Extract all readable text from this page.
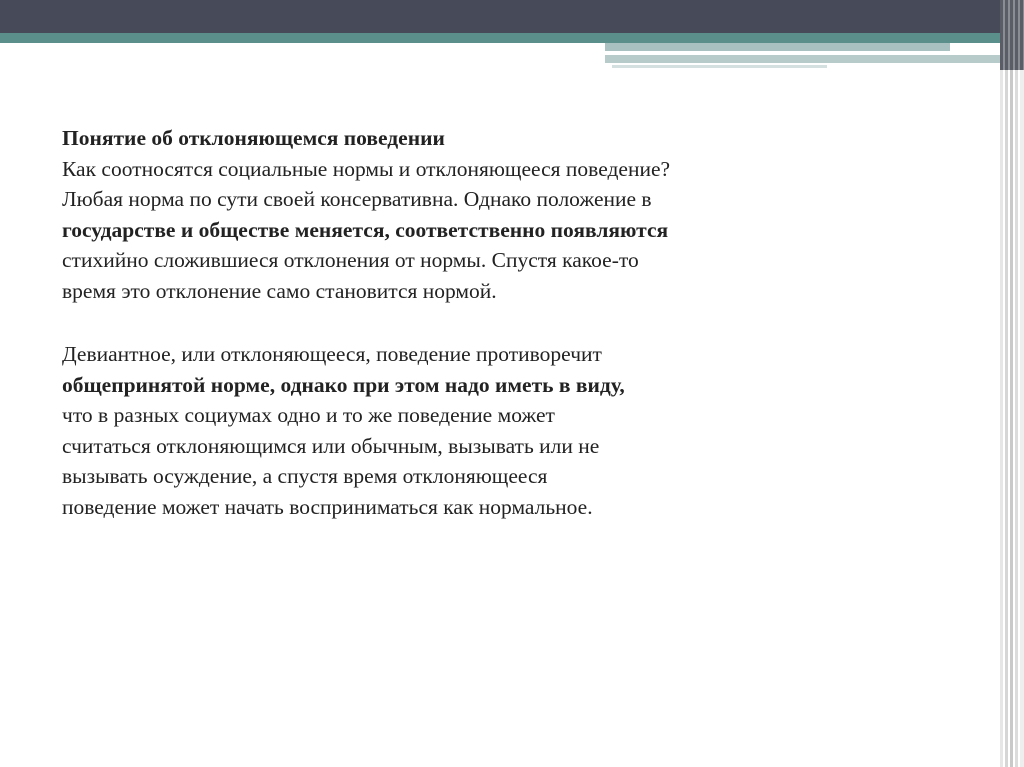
Понятие об отклоняющемся поведении
Как соотносятся социальные нормы и отклоняющееся поведение?
Любая норма по сути своей консервативна. Однако положение в
государстве и обществе меняется, соответственно появляются
стихийно сложившиеся отклонения от нормы. Спустя какое-то
время это отклонение само становится нормой.
Девиантное, или отклоняющееся, поведение противоречит
общепринятой норме, однако при этом надо иметь в виду,
что в разных социумах одно и то же поведение может
считаться отклоняющимся или обычным, вызывать или не
вызывать осуждение, а спустя время отклоняющееся
поведение может начать восприниматься как нормальное.
